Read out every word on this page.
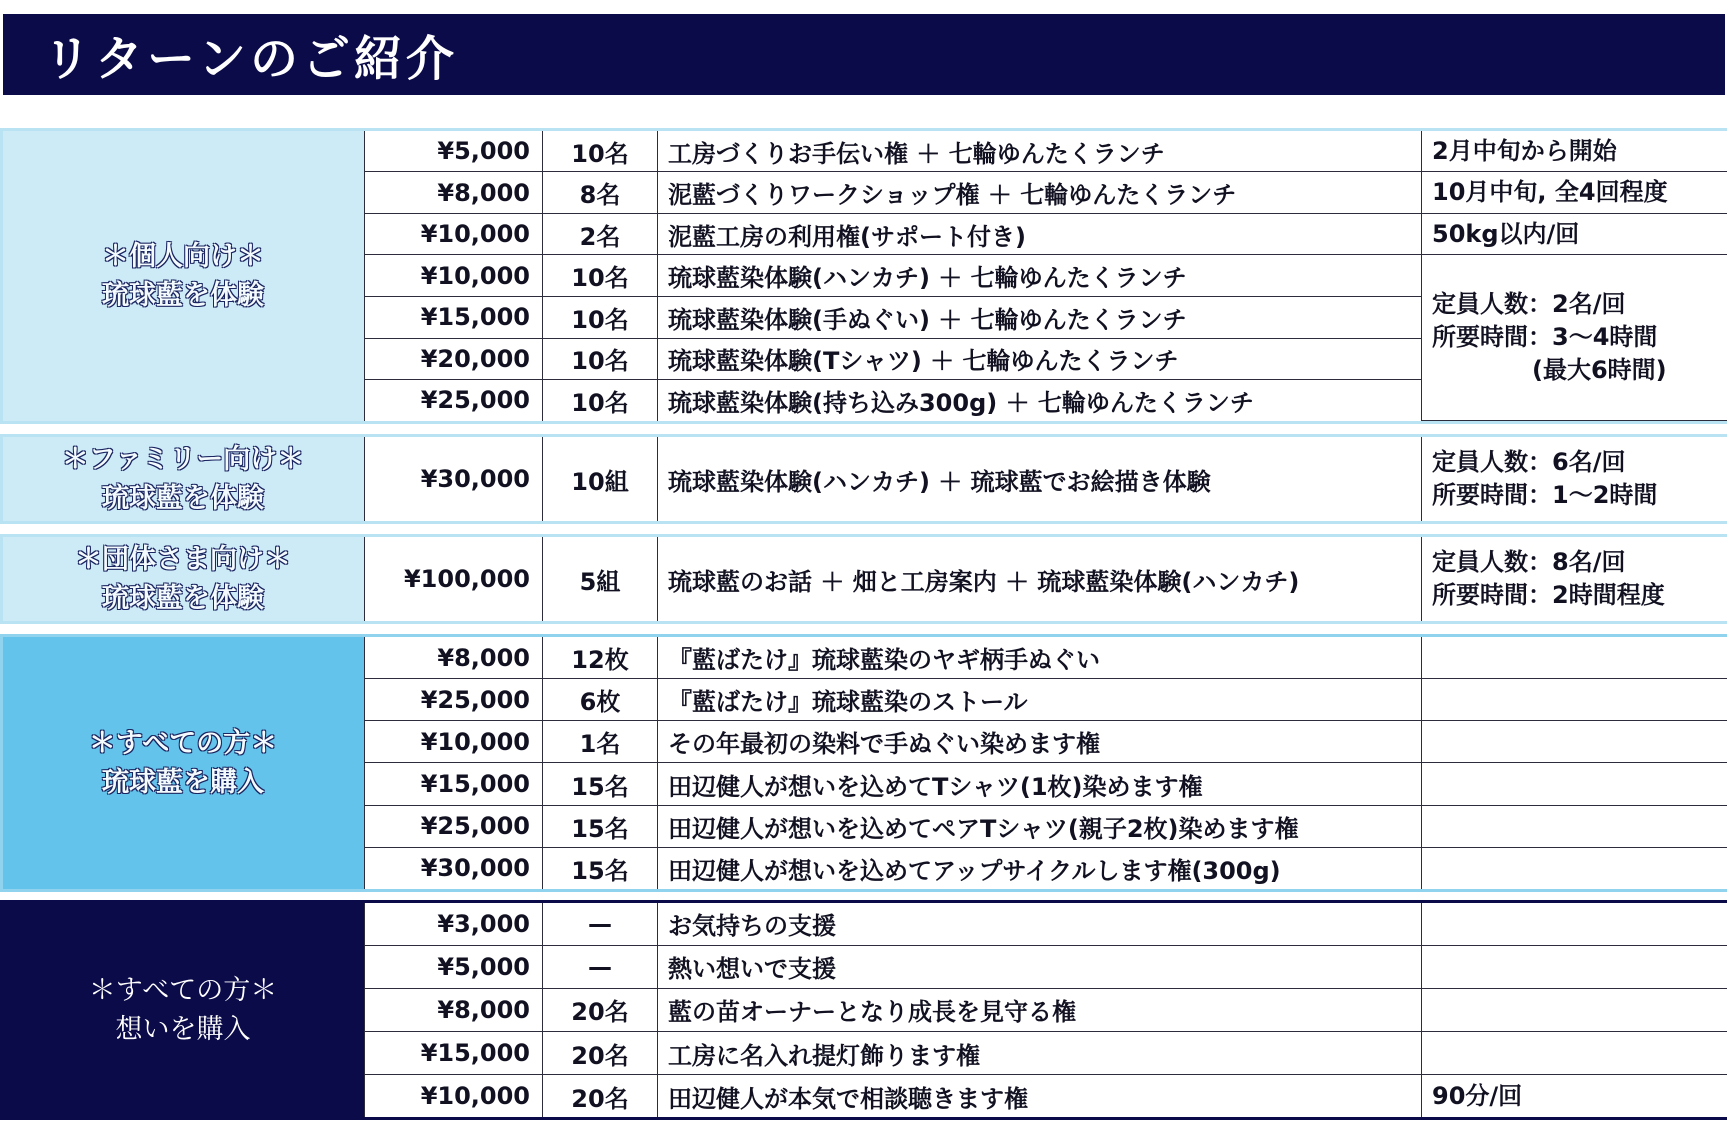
リターンのご紹介
＊個人向け＊
琉球藍を体験
¥5,000	10名	工房づくりお手伝い権 ＋ 七輪ゆんたくランチ	2月中旬から開始

¥8,000	8名	泥藍づくりワークショップ権 ＋ 七輪ゆんたくランチ	10月中旬, 全4回程度

¥10,000	2名	泥藍工房の利用権(サポート付き)	50kg以内/回

¥10,000	10名	琉球藍染体験(ハンカチ) ＋ 七輪ゆんたくランチ	定員人数：2名/回
所要時間：3〜4時間
(最大6時間)

¥15,000	10名	琉球藍染体験(手ぬぐい) ＋ 七輪ゆんたくランチ	
¥20,000	10名	琉球藍染体験(Tシャツ) ＋ 七輪ゆんたくランチ	
¥25,000	10名	琉球藍染体験(持ち込み300g) ＋ 七輪ゆんたくランチ	
＊ファミリー向け＊
琉球藍を体験
¥30,000	10組	琉球藍染体験(ハンカチ) ＋ 琉球藍でお絵描き体験	
定員人数：6名/回
所要時間：1〜2時間
＊団体さま向け＊
琉球藍を体験
¥100,000	5組	琉球藍のお話 ＋ 畑と工房案内 ＋ 琉球藍染体験(ハンカチ)	
定員人数：8名/回
所要時間：2時間程度
＊すべての方＊
琉球藍を購入
¥8,000	12枚	『藍ばたけ』琉球藍染のヤギ柄手ぬぐい	
¥25,000	6枚	『藍ばたけ』琉球藍染のストール	
¥10,000	1名	その年最初の染料で手ぬぐい染めます権	
¥15,000	15名	田辺健人が想いを込めてTシャツ(1枚)染めます権	
¥25,000	15名	田辺健人が想いを込めてペアTシャツ(親子2枚)染めます権	
¥30,000	15名	田辺健人が想いを込めてアップサイクルします権(300g)	
＊すべての方＊
想いを購入
¥3,000	—	お気持ちの支援	
¥5,000	—	熱い想いで支援	
¥8,000	20名	藍の苗オーナーとなり成長を見守る権	
¥15,000	20名	工房に名入れ提灯飾ります権	
¥10,000	20名	田辺健人が本気で相談聴きます権	90分/回
